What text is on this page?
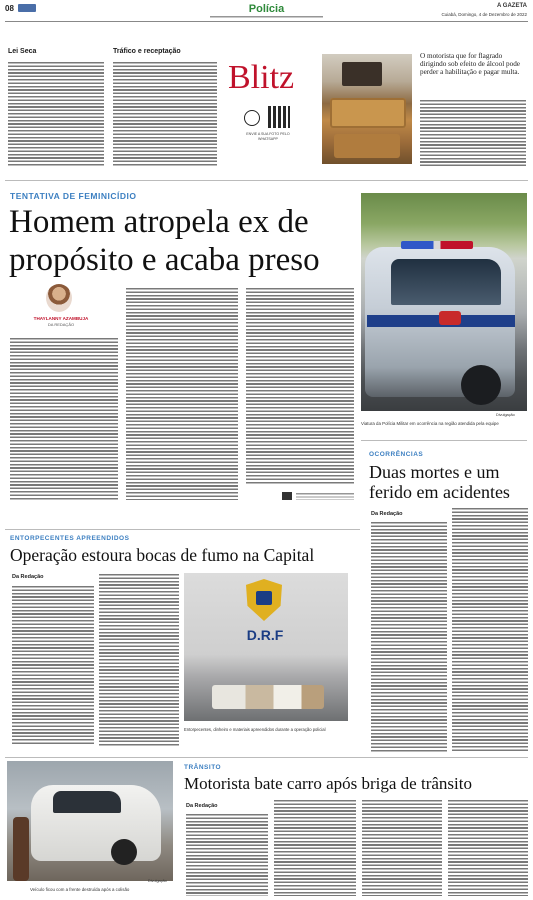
08	Polícia	A GAZETA
Cuiabá, Domingo, 4 de Dezembro de 2022
Lei Seca	Tráfico e receptação
Blitz
ENVIE A SUA FOTO PELO WHATSAPP
O motorista que for flagrado dirigindo sob efeito de álcool pode perder a habilitação e pagar multa.
TENTATIVA DE FEMINICÍDIO
Homem atropela ex de
propósito e acaba preso
THAYLANNY AZAMBUJA
DA REDAÇÃO
Divulgação
Viatura da Polícia Militar em ocorrência na região atendida pela equipe
OCORRÊNCIAS
Duas mortes e um
ferido em acidentes
Da Redação
ENTORPECENTES APREENDIDOS
Operação estoura bocas de fumo na Capital
Da Redação
D.R.F
Entorpecentes, dinheiro e materiais apreendidos durante a operação policial
Divulgação
Veículo ficou com a frente destruída após a colisão
TRÂNSITO
Motorista bate carro após briga de trânsito
Da Redação
